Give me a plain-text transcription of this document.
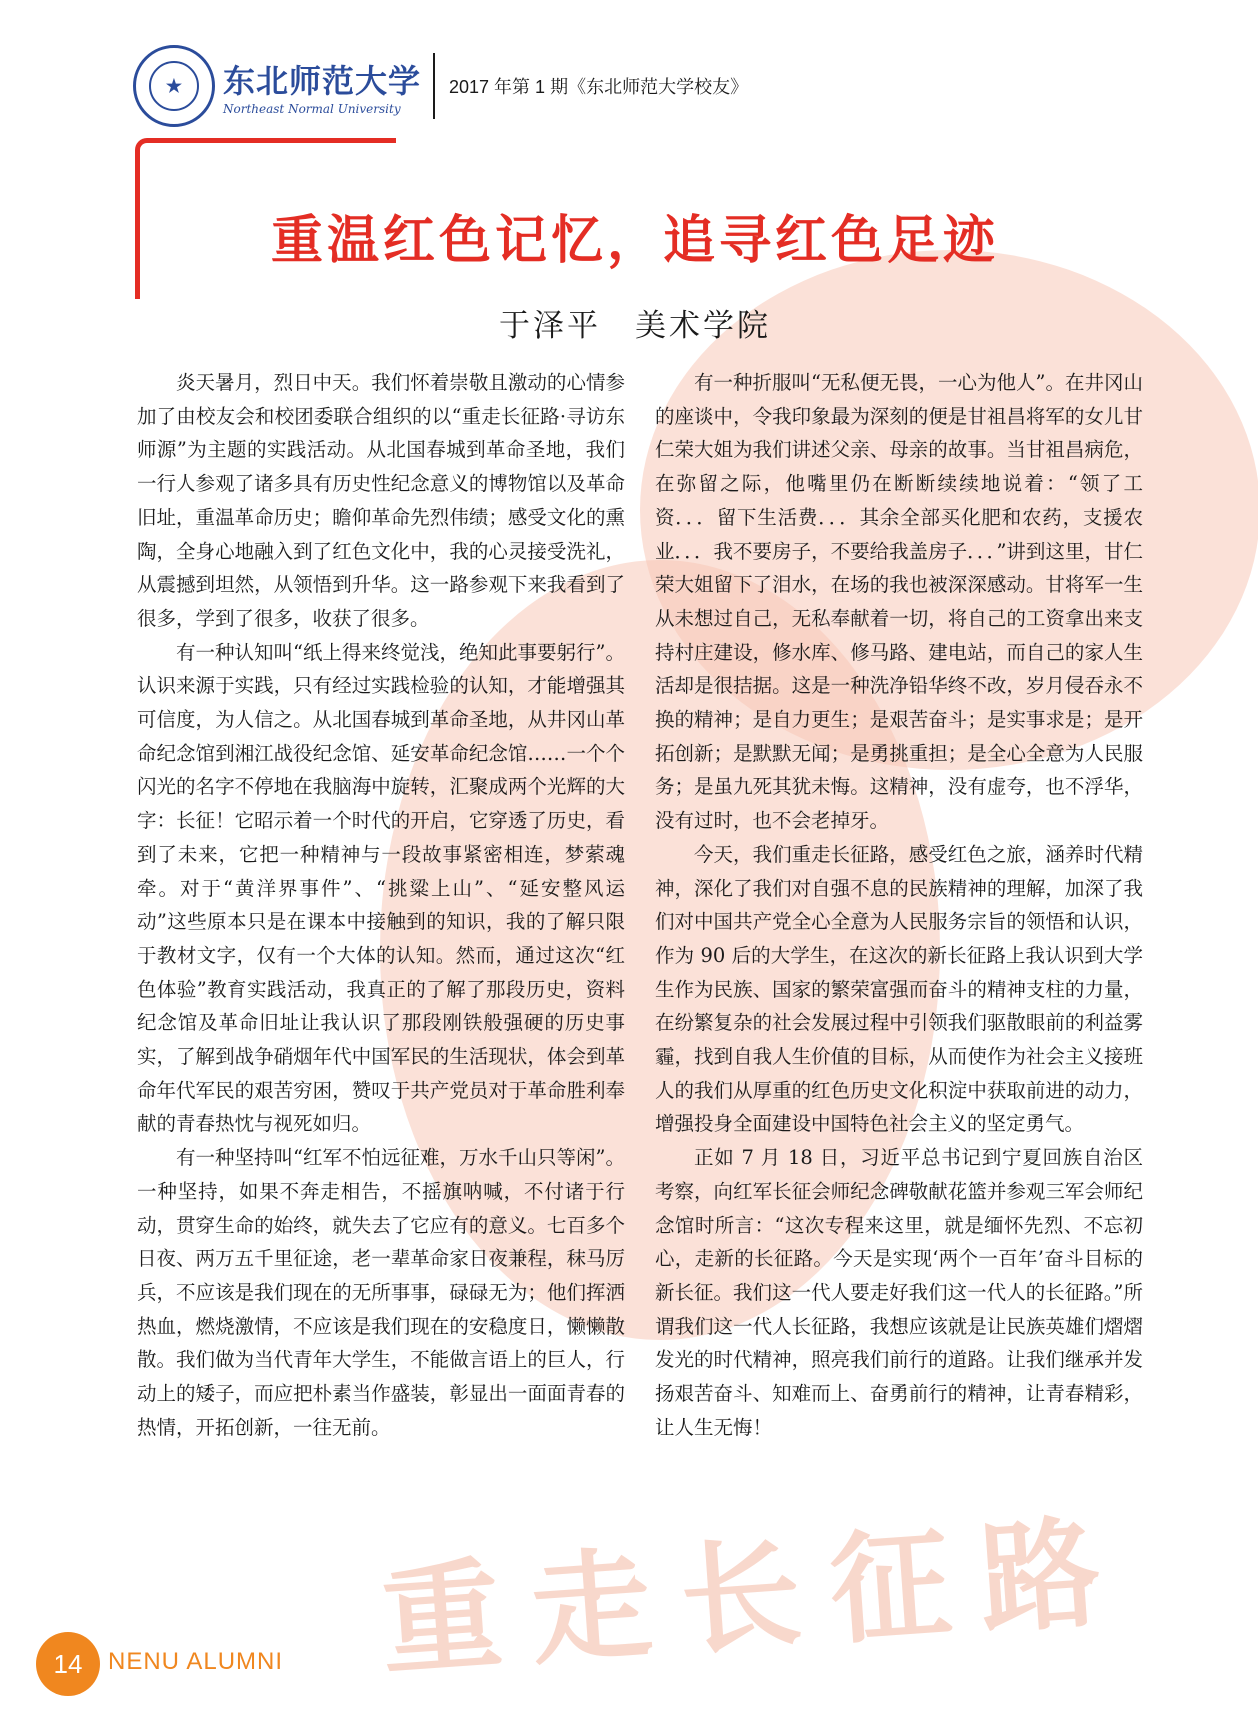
重走长征路
★	东北师范大学
Northeast Normal University
2017 年第 1 期《东北师范大学校友》
重温红色记忆，追寻红色足迹
于泽平　美术学院

炎天暑月，烈日中天。我们怀着崇敬且激动的心情参加了由校友会和校团委联合组织的以“重走长征路·寻访东师源”为主题的实践活动。从北国春城到革命圣地，我们一行人参观了诸多具有历史性纪念意义的博物馆以及革命旧址，重温革命历史；瞻仰革命先烈伟绩；感受文化的熏陶，全身心地融入到了红色文化中，我的心灵接受洗礼，从震撼到坦然，从领悟到升华。这一路参观下来我看到了很多，学到了很多，收获了很多。

有一种认知叫“纸上得来终觉浅，绝知此事要躬行”。认识来源于实践，只有经过实践检验的认知，才能增强其可信度，为人信之。从北国春城到革命圣地，从井冈山革命纪念馆到湘江战役纪念馆、延安革命纪念馆……一个个闪光的名字不停地在我脑海中旋转，汇聚成两个光辉的大字：长征！它昭示着一个时代的开启，它穿透了历史，看到了未来，它把一种精神与一段故事紧密相连，梦萦魂牵。对于“黄洋界事件”、“挑粱上山”、“延安整风运动”这些原本只是在课本中接触到的知识，我的了解只限于教材文字，仅有一个大体的认知。然而，通过这次“红色体验”教育实践活动，我真正的了解了那段历史，资料纪念馆及革命旧址让我认识了那段刚铁般强硬的历史事实，了解到战争硝烟年代中国军民的生活现状，体会到革命年代军民的艰苦穷困，赞叹于共产党员对于革命胜利奉献的青春热忱与视死如归。

有一种坚持叫“红军不怕远征难，万水千山只等闲”。一种坚持，如果不奔走相告，不摇旗呐喊，不付诸于行动，贯穿生命的始终，就失去了它应有的意义。七百多个日夜、两万五千里征途，老一辈革命家日夜兼程，秣马厉兵，不应该是我们现在的无所事事，碌碌无为；他们挥洒热血，燃烧激情，不应该是我们现在的安稳度日，懒懒散散。我们做为当代青年大学生，不能做言语上的巨人，行动上的矮子，而应把朴素当作盛装，彰显出一面面青春的热情，开拓创新，一往无前。

有一种折服叫“无私便无畏，一心为他人”。在井冈山的座谈中，令我印象最为深刻的便是甘祖昌将军的女儿甘仁荣大姐为我们讲述父亲、母亲的故事。当甘祖昌病危，在弥留之际，他嘴里仍在断断续续地说着：“领了工资．．．留下生活费．．．其余全部买化肥和农药，支援农业．．．我不要房子，不要给我盖房子．．．”讲到这里，甘仁荣大姐留下了泪水，在场的我也被深深感动。甘将军一生从未想过自己，无私奉献着一切，将自己的工资拿出来支持村庄建设，修水库、修马路、建电站，而自己的家人生活却是很拮据。这是一种洗净铅华终不改，岁月侵吞永不换的精神；是自力更生；是艰苦奋斗；是实事求是；是开拓创新；是默默无闻；是勇挑重担；是全心全意为人民服务；是虽九死其犹未悔。这精神，没有虚夸，也不浮华，没有过时，也不会老掉牙。

今天，我们重走长征路，感受红色之旅，涵养时代精神，深化了我们对自强不息的民族精神的理解，加深了我们对中国共产党全心全意为人民服务宗旨的领悟和认识，作为 90 后的大学生，在这次的新长征路上我认识到大学生作为民族、国家的繁荣富强而奋斗的精神支柱的力量，在纷繁复杂的社会发展过程中引领我们驱散眼前的利益雾霾，找到自我人生价值的目标，从而使作为社会主义接班人的我们从厚重的红色历史文化积淀中获取前进的动力，增强投身全面建设中国特色社会主义的坚定勇气。

正如 7 月 18 日，习近平总书记到宁夏回族自治区考察，向红军长征会师纪念碑敬献花篮并参观三军会师纪念馆时所言：“这次专程来这里，就是缅怀先烈、不忘初心，走新的长征路。今天是实现‘两个一百年’奋斗目标的新长征。我们这一代人要走好我们这一代人的长征路。”所谓我们这一代人长征路，我想应该就是让民族英雄们熠熠发光的时代精神，照亮我们前行的道路。让我们继承并发扬艰苦奋斗、知难而上、奋勇前行的精神，让青春精彩，让人生无悔！

14	NENU ALUMNI
